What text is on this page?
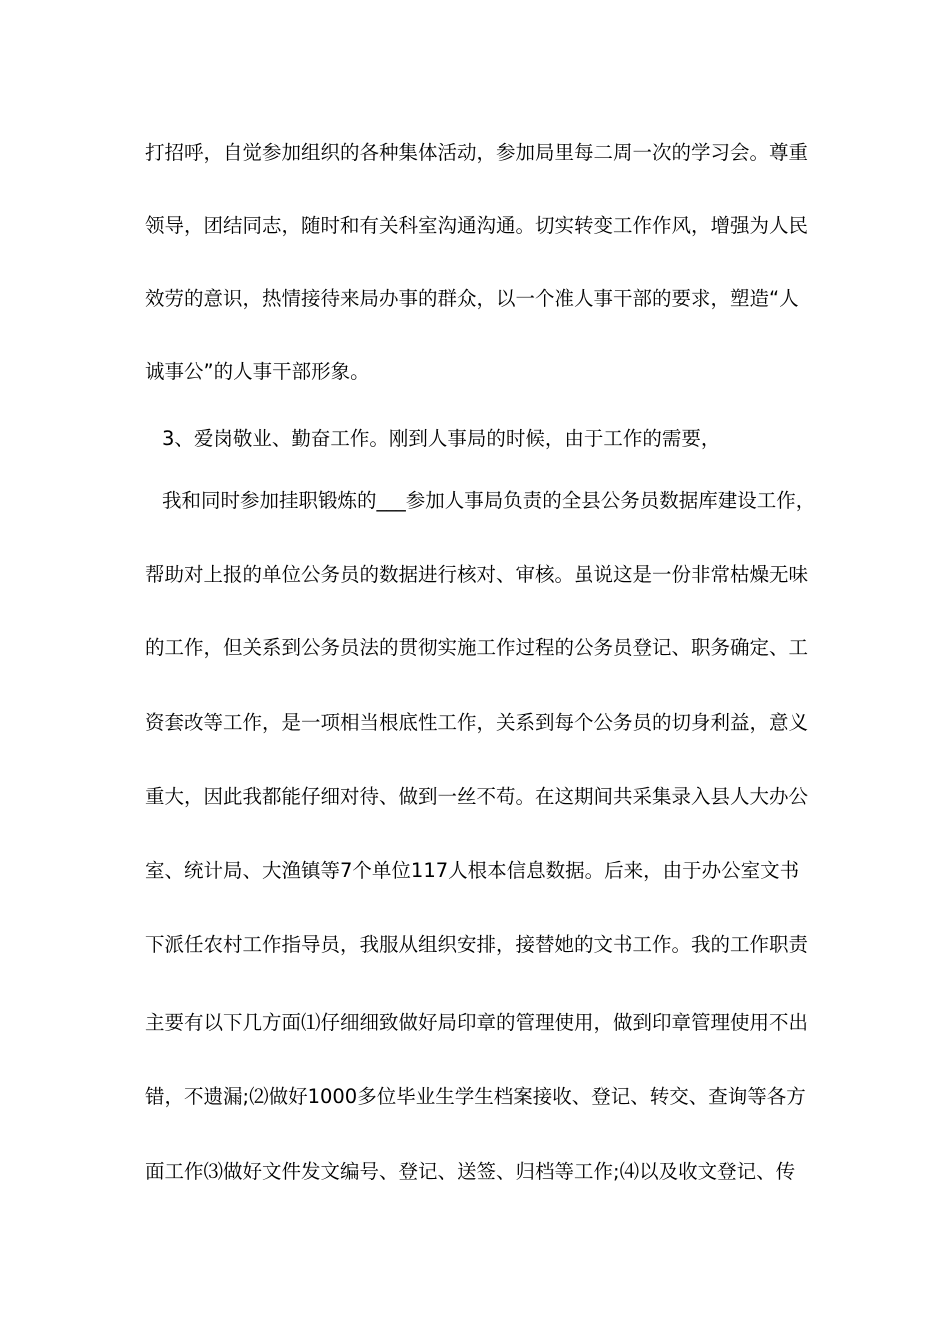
打招呼，自觉参加组织的各种集体活动，参加局里每二周一次的学习会。尊重
领导，团结同志，随时和有关科室沟通沟通。切实转变工作作风，增强为人民
效劳的意识，热情接待来局办事的群众，以一个准人事干部的要求，塑造“人
诚事公”的人事干部形象。
3、爱岗敬业、勤奋工作。刚到人事局的时候，由于工作的需要，
我和同时参加挂职锻炼的___参加人事局负责的全县公务员数据库建设工作，
帮助对上报的单位公务员的数据进行核对、审核。虽说这是一份非常枯燥无味
的工作，但关系到公务员法的贯彻实施工作过程的公务员登记、职务确定、工
资套改等工作，是一项相当根底性工作，关系到每个公务员的切身利益，意义
重大，因此我都能仔细对待、做到一丝不苟。在这期间共采集录入县人大办公
室、统计局、大渔镇等7个单位117人根本信息数据。后来，由于办公室文书
下派任农村工作指导员，我服从组织安排，接替她的文书工作。我的工作职责
主要有以下几方面⑴仔细细致做好局印章的管理使用，做到印章管理使用不出
错，不遗漏;⑵做好1000多位毕业生学生档案接收、登记、转交、查询等各方
面工作⑶做好文件发文编号、登记、送签、归档等工作;⑷以及收文登记、传
